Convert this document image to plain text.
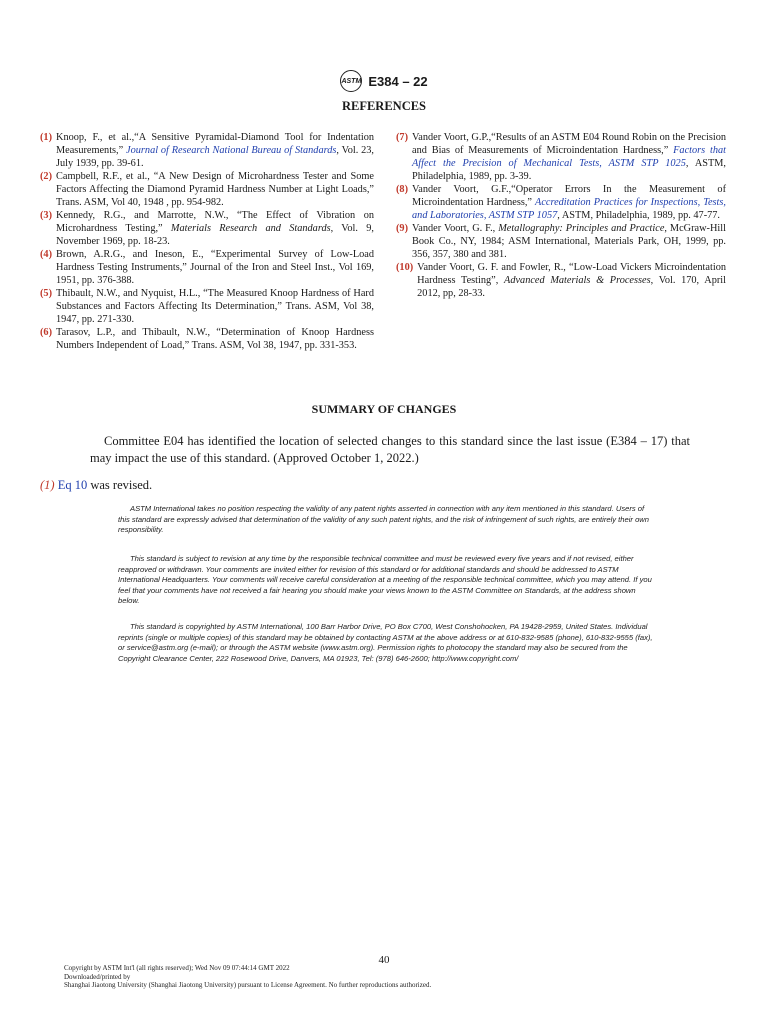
ASTM E384 – 22
REFERENCES
(1) Knoop, F., et al.,“A Sensitive Pyramidal-Diamond Tool for Indentation Measurements,” Journal of Research National Bureau of Standards, Vol. 23, July 1939, pp. 39-61.
(2) Campbell, R.F., et al., “A New Design of Microhardness Tester and Some Factors Affecting the Diamond Pyramid Hardness Number at Light Loads,” Trans. ASM, Vol 40, 1948 , pp. 954-982.
(3) Kennedy, R.G., and Marrotte, N.W., “The Effect of Vibration on Microhardness Testing,” Materials Research and Standards, Vol. 9, November 1969, pp. 18-23.
(4) Brown, A.R.G., and Ineson, E., “Experimental Survey of Low-Load Hardness Testing Instruments,” Journal of the Iron and Steel Inst., Vol 169, 1951, pp. 376-388.
(5) Thibault, N.W., and Nyquist, H.L., “The Measured Knoop Hardness of Hard Substances and Factors Affecting Its Determination,” Trans. ASM, Vol 38, 1947, pp. 271-330.
(6) Tarasov, L.P., and Thibault, N.W., “Determination of Knoop Hardness Numbers Independent of Load,” Trans. ASM, Vol 38, 1947, pp. 331-353.
(7) Vander Voort, G.P.,“Results of an ASTM E04 Round Robin on the Precision and Bias of Measurements of Microindentation Hardness,” Factors that Affect the Precision of Mechanical Tests, ASTM STP 1025, ASTM, Philadelphia, 1989, pp. 3-39.
(8) Vander Voort, G.F.,“Operator Errors In the Measurement of Microindentation Hardness,” Accreditation Practices for Inspections, Tests, and Laboratories, ASTM STP 1057, ASTM, Philadelphia, 1989, pp. 47-77.
(9) Vander Voort, G. F., Metallography: Principles and Practice, McGraw-Hill Book Co., NY, 1984; ASM International, Materials Park, OH, 1999, pp. 356, 357, 380 and 381.
(10) Vander Voort, G. F. and Fowler, R., “Low-Load Vickers Microindentation Hardness Testing”, Advanced Materials & Processes, Vol. 170, April 2012, pp, 28-33.
SUMMARY OF CHANGES
Committee E04 has identified the location of selected changes to this standard since the last issue (E384 – 17) that may impact the use of this standard. (Approved October 1, 2022.)
(1) Eq 10 was revised.
ASTM International takes no position respecting the validity of any patent rights asserted in connection with any item mentioned in this standard. Users of this standard are expressly advised that determination of the validity of any such patent rights, and the risk of infringement of such rights, are entirely their own responsibility.
This standard is subject to revision at any time by the responsible technical committee and must be reviewed every five years and if not revised, either reapproved or withdrawn. Your comments are invited either for revision of this standard or for additional standards and should be addressed to ASTM International Headquarters. Your comments will receive careful consideration at a meeting of the responsible technical committee, which you may attend. If you feel that your comments have not received a fair hearing you should make your views known to the ASTM Committee on Standards, at the address shown below.
This standard is copyrighted by ASTM International, 100 Barr Harbor Drive, PO Box C700, West Conshohocken, PA 19428-2959, United States. Individual reprints (single or multiple copies) of this standard may be obtained by contacting ASTM at the above address or at 610-832-9585 (phone), 610-832-9555 (fax), or service@astm.org (e-mail); or through the ASTM website (www.astm.org). Permission rights to photocopy the standard may also be secured from the Copyright Clearance Center, 222 Rosewood Drive, Danvers, MA 01923, Tel: (978) 646-2600; http://www.copyright.com/
40
Copyright by ASTM Int'l (all rights reserved); Wed Nov 09 07:44:14 GMT 2022
Downloaded/printed by
Shanghai Jiaotong University (Shanghai Jiaotong University) pursuant to License Agreement. No further reproductions authorized.
